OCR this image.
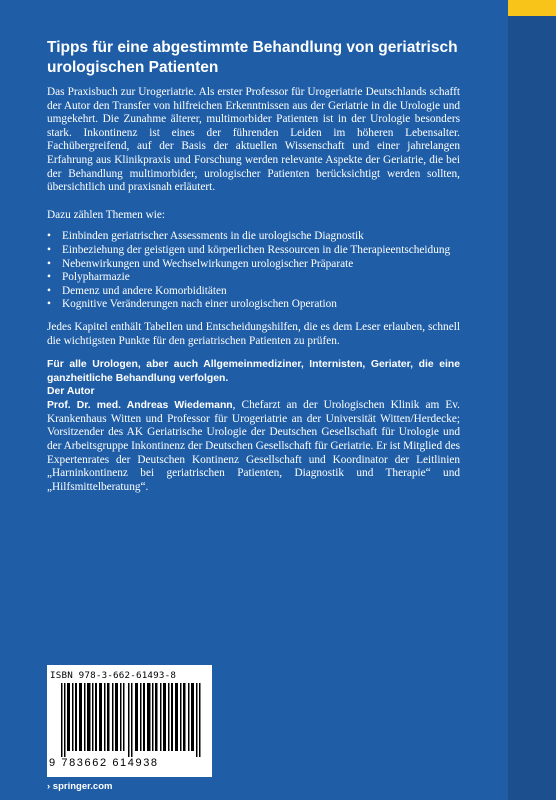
Tipps für eine abgestimmte Behandlung von geriatrisch urologischen Patienten

Das Praxisbuch zur Urogeriatrie. Als erster Professor für Urogeriatrie Deutschlands schafft der Autor den Transfer von hilfreichen Erkenntnissen aus der Geriatrie in die Urologie und umgekehrt. Die Zunahme älterer, multimorbider Patienten ist in der Urologie besonders stark. Inkontinenz ist eines der führenden Leiden im höheren Lebensalter. Fachübergreifend, auf der Basis der aktuellen Wissenschaft und einer jahrelangen Erfahrung aus Klinikpraxis und Forschung werden relevante Aspekte der Geriatrie, die bei der Behandlung multimorbider, urologischer Patienten berücksichtigt werden sollten, übersichtlich und praxisnah erläutert.

Dazu zählen Themen wie:

• Einbinden geriatrischer Assessments in die urologische Diagnostik
• Einbeziehung der geistigen und körperlichen Ressourcen in die Therapieentscheidung
• Nebenwirkungen und Wechselwirkungen urologischer Präparate
• Polypharmazie
• Demenz und andere Komorbiditäten
• Kognitive Veränderungen nach einer urologischen Operation

Jedes Kapitel enthält Tabellen und Entscheidungshilfen, die es dem Leser erlauben, schnell die wichtigsten Punkte für den geriatrischen Patienten zu prüfen.

Für alle Urologen, aber auch Allgemeinmediziner, Internisten, Geriater, die eine ganzheitliche Behandlung verfolgen.

Der Autor

Prof. Dr. med. Andreas Wiedemann, Chefarzt an der Urologischen Klinik am Ev. Krankenhaus Witten und Professor für Urogeriatrie an der Universität Witten/Herdecke; Vorsitzender des AK Geriatrische Urologie der Deutschen Gesellschaft für Urologie und der Arbeitsgruppe Inkontinenz der Deutschen Gesellschaft für Geriatrie. Er ist Mitglied des Expertenrates der Deutschen Kontinenz Gesellschaft und Koordinator der Leitlinien „Harninkontinenz bei geriatrischen Patienten, Diagnostik und Therapie“ und „Hilfsmittelberatung“.

ISBN 978-3-662-61493-8
9 783662 614938
› springer.com
